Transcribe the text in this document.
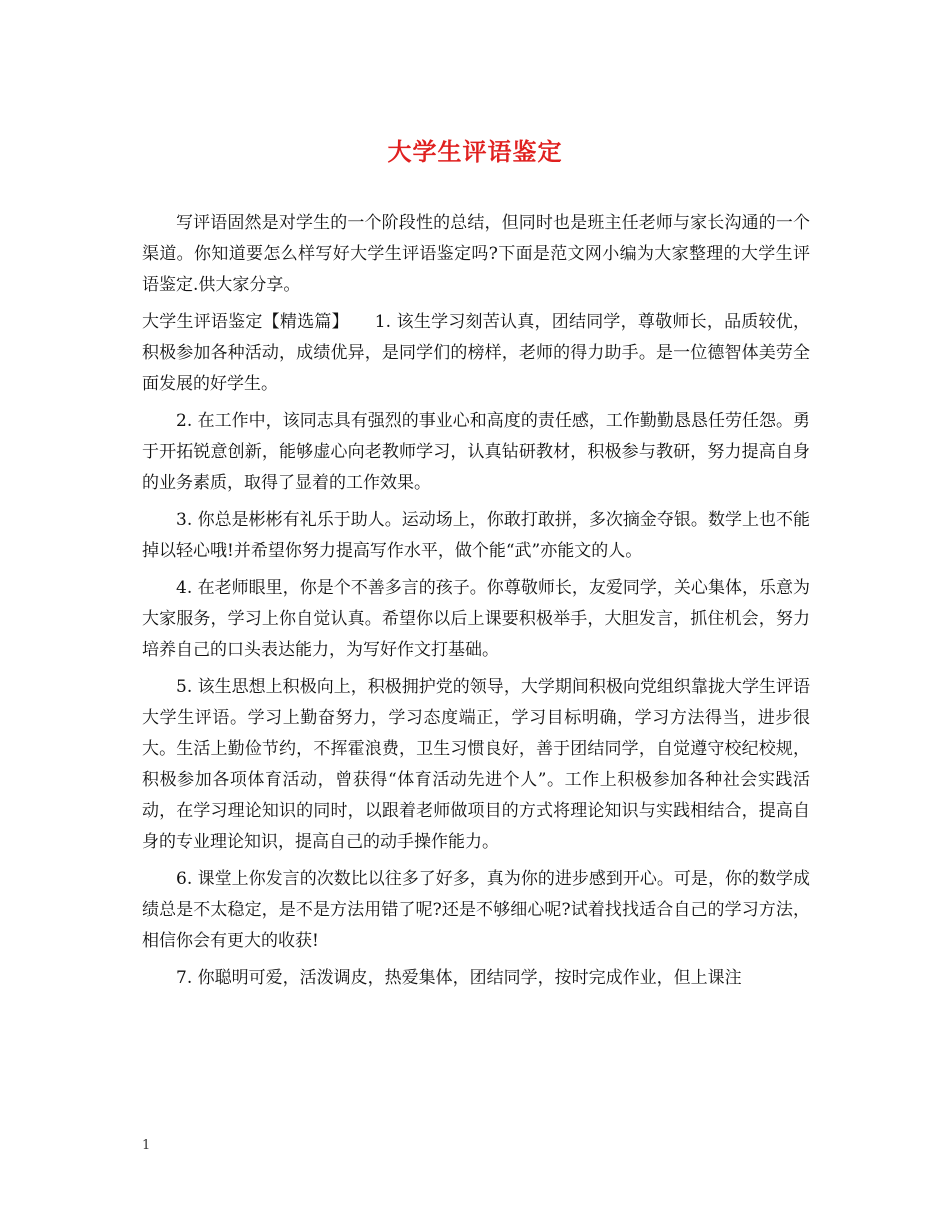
大学生评语鉴定

写评语固然是对学生的一个阶段性的总结，但同时也是班主任老师与家长沟通的一个渠道。你知道要怎么样写好大学生评语鉴定吗?下面是范文网小编为大家整理的大学生评语鉴定.供大家分享。

大学生评语鉴定【精选篇】　　1. 该生学习刻苦认真，团结同学，尊敬师长，品质较优，积极参加各种活动，成绩优异，是同学们的榜样，老师的得力助手。是一位德智体美劳全面发展的好学生。

2. 在工作中，该同志具有强烈的事业心和高度的责任感，工作勤勤恳恳任劳任怨。勇于开拓锐意创新，能够虚心向老教师学习，认真钻研教材，积极参与教研，努力提高自身的业务素质，取得了显着的工作效果。

3. 你总是彬彬有礼乐于助人。运动场上，你敢打敢拼，多次摘金夺银。数学上也不能掉以轻心哦!并希望你努力提高写作水平，做个能“武”亦能文的人。

4. 在老师眼里，你是个不善多言的孩子。你尊敬师长，友爱同学，关心集体，乐意为大家服务，学习上你自觉认真。希望你以后上课要积极举手，大胆发言，抓住机会，努力培养自己的口头表达能力，为写好作文打基础。

5. 该生思想上积极向上，积极拥护党的领导，大学期间积极向党组织靠拢大学生评语大学生评语。学习上勤奋努力，学习态度端正，学习目标明确，学习方法得当，进步很大。生活上勤俭节约，不挥霍浪费，卫生习惯良好，善于团结同学，自觉遵守校纪校规，积极参加各项体育活动，曾获得“体育活动先进个人”。工作上积极参加各种社会实践活动，在学习理论知识的同时，以跟着老师做项目的方式将理论知识与实践相结合，提高自身的专业理论知识，提高自己的动手操作能力。

6. 课堂上你发言的次数比以往多了好多，真为你的进步感到开心。可是，你的数学成绩总是不太稳定，是不是方法用错了呢?还是不够细心呢?试着找找适合自己的学习方法，相信你会有更大的收获!

7. 你聪明可爱，活泼调皮，热爱集体，团结同学，按时完成作业，但上课注

1
